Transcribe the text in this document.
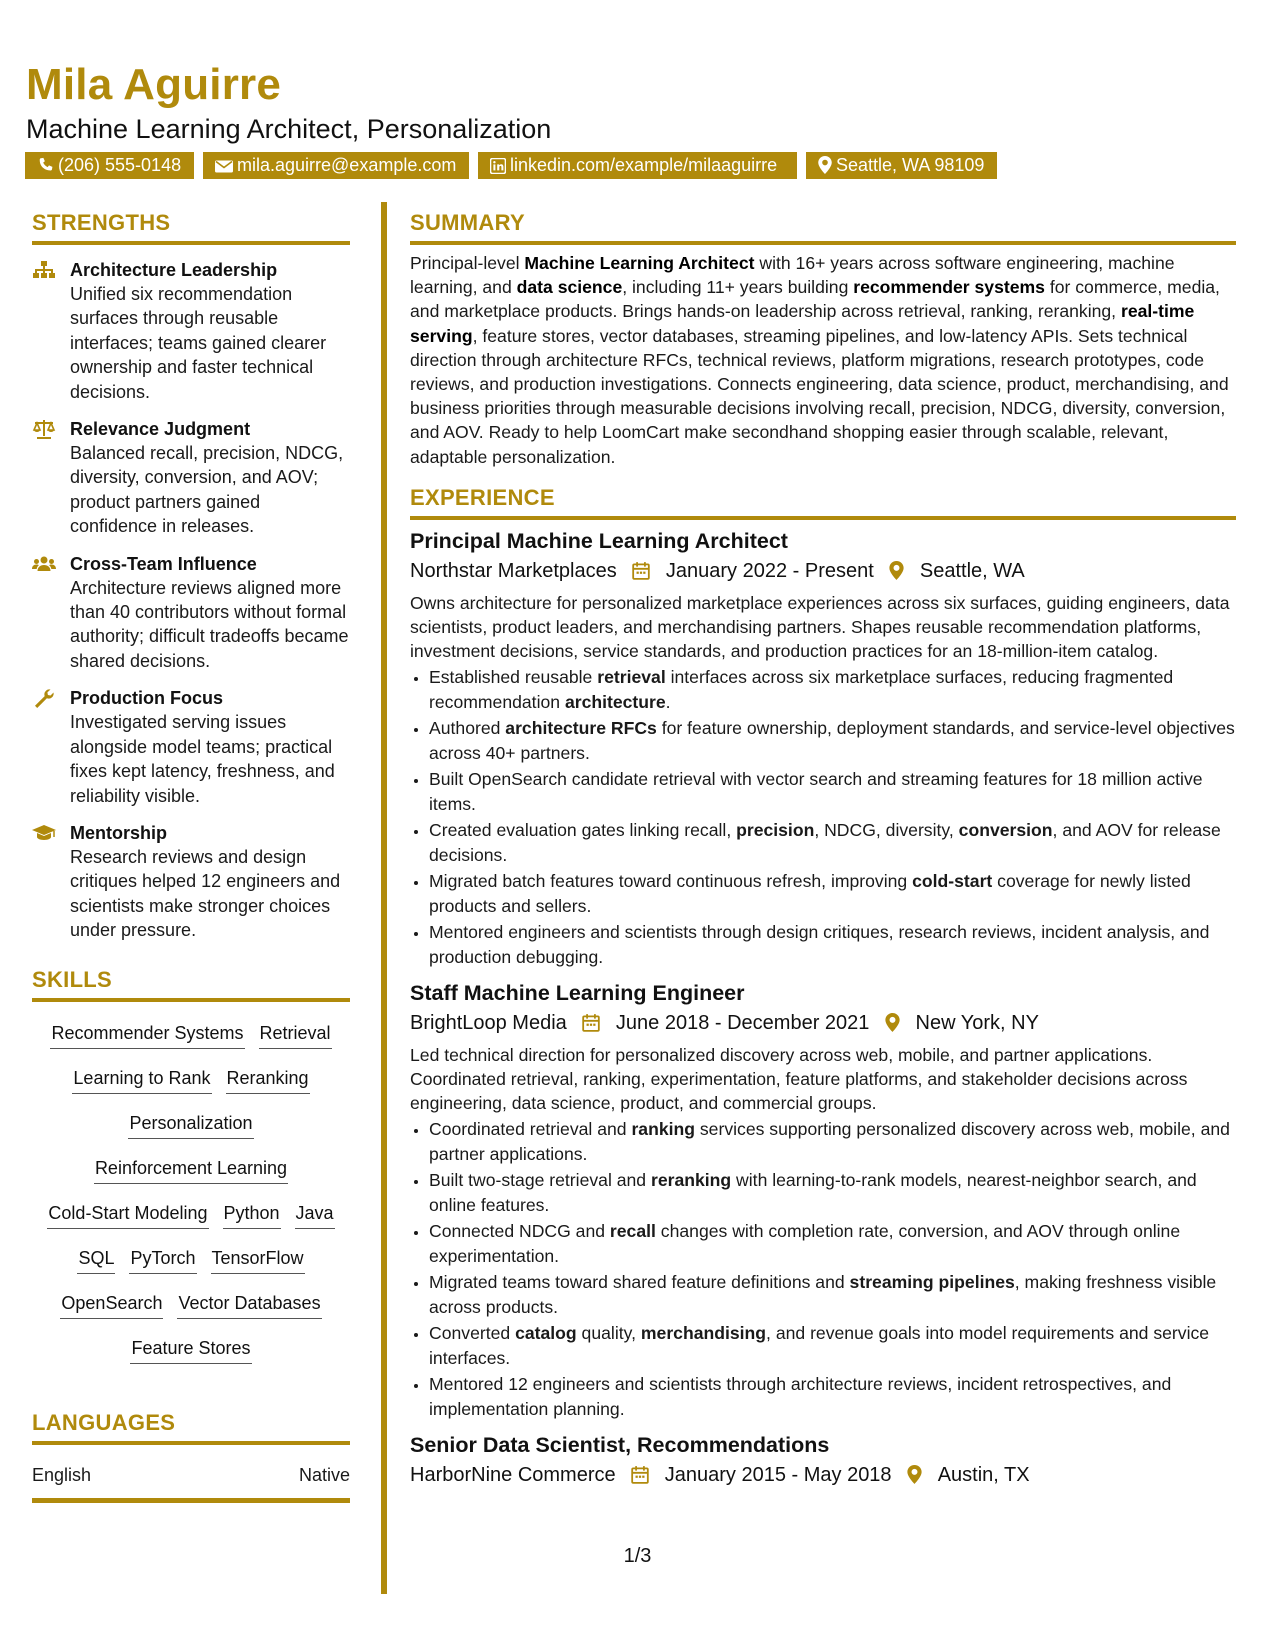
Mila Aguirre
Machine Learning Architect, Personalization
(206) 555-0148	mila.aguirre@example.com	linkedin.com/example/milaaguirre	Seattle, WA 98109
STRENGTHS
Architecture Leadership
Unified six recommendation surfaces through reusable interfaces; teams gained clearer ownership and faster technical decisions.
Relevance Judgment
Balanced recall, precision, NDCG, diversity, conversion, and AOV; product partners gained confidence in releases.
Cross-Team Influence
Architecture reviews aligned more than 40 contributors without formal authority; difficult tradeoffs became shared decisions.
Production Focus
Investigated serving issues alongside model teams; practical fixes kept latency, freshness, and reliability visible.
Mentorship
Research reviews and design critiques helped 12 engineers and scientists make stronger choices under pressure.
SKILLS
Recommender Systems Retrieval
Learning to Rank Reranking
Personalization
Reinforcement Learning
Cold-Start Modeling Python Java
SQL PyTorch TensorFlow
OpenSearch Vector Databases
Feature Stores
LANGUAGES
English	Native
SUMMARY
Principal-level Machine Learning Architect with 16+ years across software engineering, machine learning, and data science, including 11+ years building recommender systems for commerce, media, and marketplace products. Brings hands-on leadership across retrieval, ranking, reranking, real-time serving, feature stores, vector databases, streaming pipelines, and low-latency APIs. Sets technical direction through architecture RFCs, technical reviews, platform migrations, research prototypes, code reviews, and production investigations. Connects engineering, data science, product, merchandising, and business priorities through measurable decisions involving recall, precision, NDCG, diversity, conversion, and AOV. Ready to help LoomCart make secondhand shopping easier through scalable, relevant, adaptable personalization.
EXPERIENCE
Principal Machine Learning Architect
Northstar Marketplaces January 2022 - Present Seattle, WA
Owns architecture for personalized marketplace experiences across six surfaces, guiding engineers, data scientists, product leaders, and merchandising partners. Shapes reusable recommendation platforms, investment decisions, service standards, and production practices for an 18-million-item catalog.
• Established reusable retrieval interfaces across six marketplace surfaces, reducing fragmented recommendation architecture.
• Authored architecture RFCs for feature ownership, deployment standards, and service-level objectives across 40+ partners.
• Built OpenSearch candidate retrieval with vector search and streaming features for 18 million active items.
• Created evaluation gates linking recall, precision, NDCG, diversity, conversion, and AOV for release decisions.
• Migrated batch features toward continuous refresh, improving cold-start coverage for newly listed products and sellers.
• Mentored engineers and scientists through design critiques, research reviews, incident analysis, and production debugging.
Staff Machine Learning Engineer
BrightLoop Media June 2018 - December 2021 New York, NY
Led technical direction for personalized discovery across web, mobile, and partner applications. Coordinated retrieval, ranking, experimentation, feature platforms, and stakeholder decisions across engineering, data science, product, and commercial groups.
• Coordinated retrieval and ranking services supporting personalized discovery across web, mobile, and partner applications.
• Built two-stage retrieval and reranking with learning-to-rank models, nearest-neighbor search, and online features.
• Connected NDCG and recall changes with completion rate, conversion, and AOV through online experimentation.
• Migrated teams toward shared feature definitions and streaming pipelines, making freshness visible across products.
• Converted catalog quality, merchandising, and revenue goals into model requirements and service interfaces.
• Mentored 12 engineers and scientists through architecture reviews, incident retrospectives, and implementation planning.
Senior Data Scientist, Recommendations
HarborNine Commerce January 2015 - May 2018 Austin, TX
1/3
